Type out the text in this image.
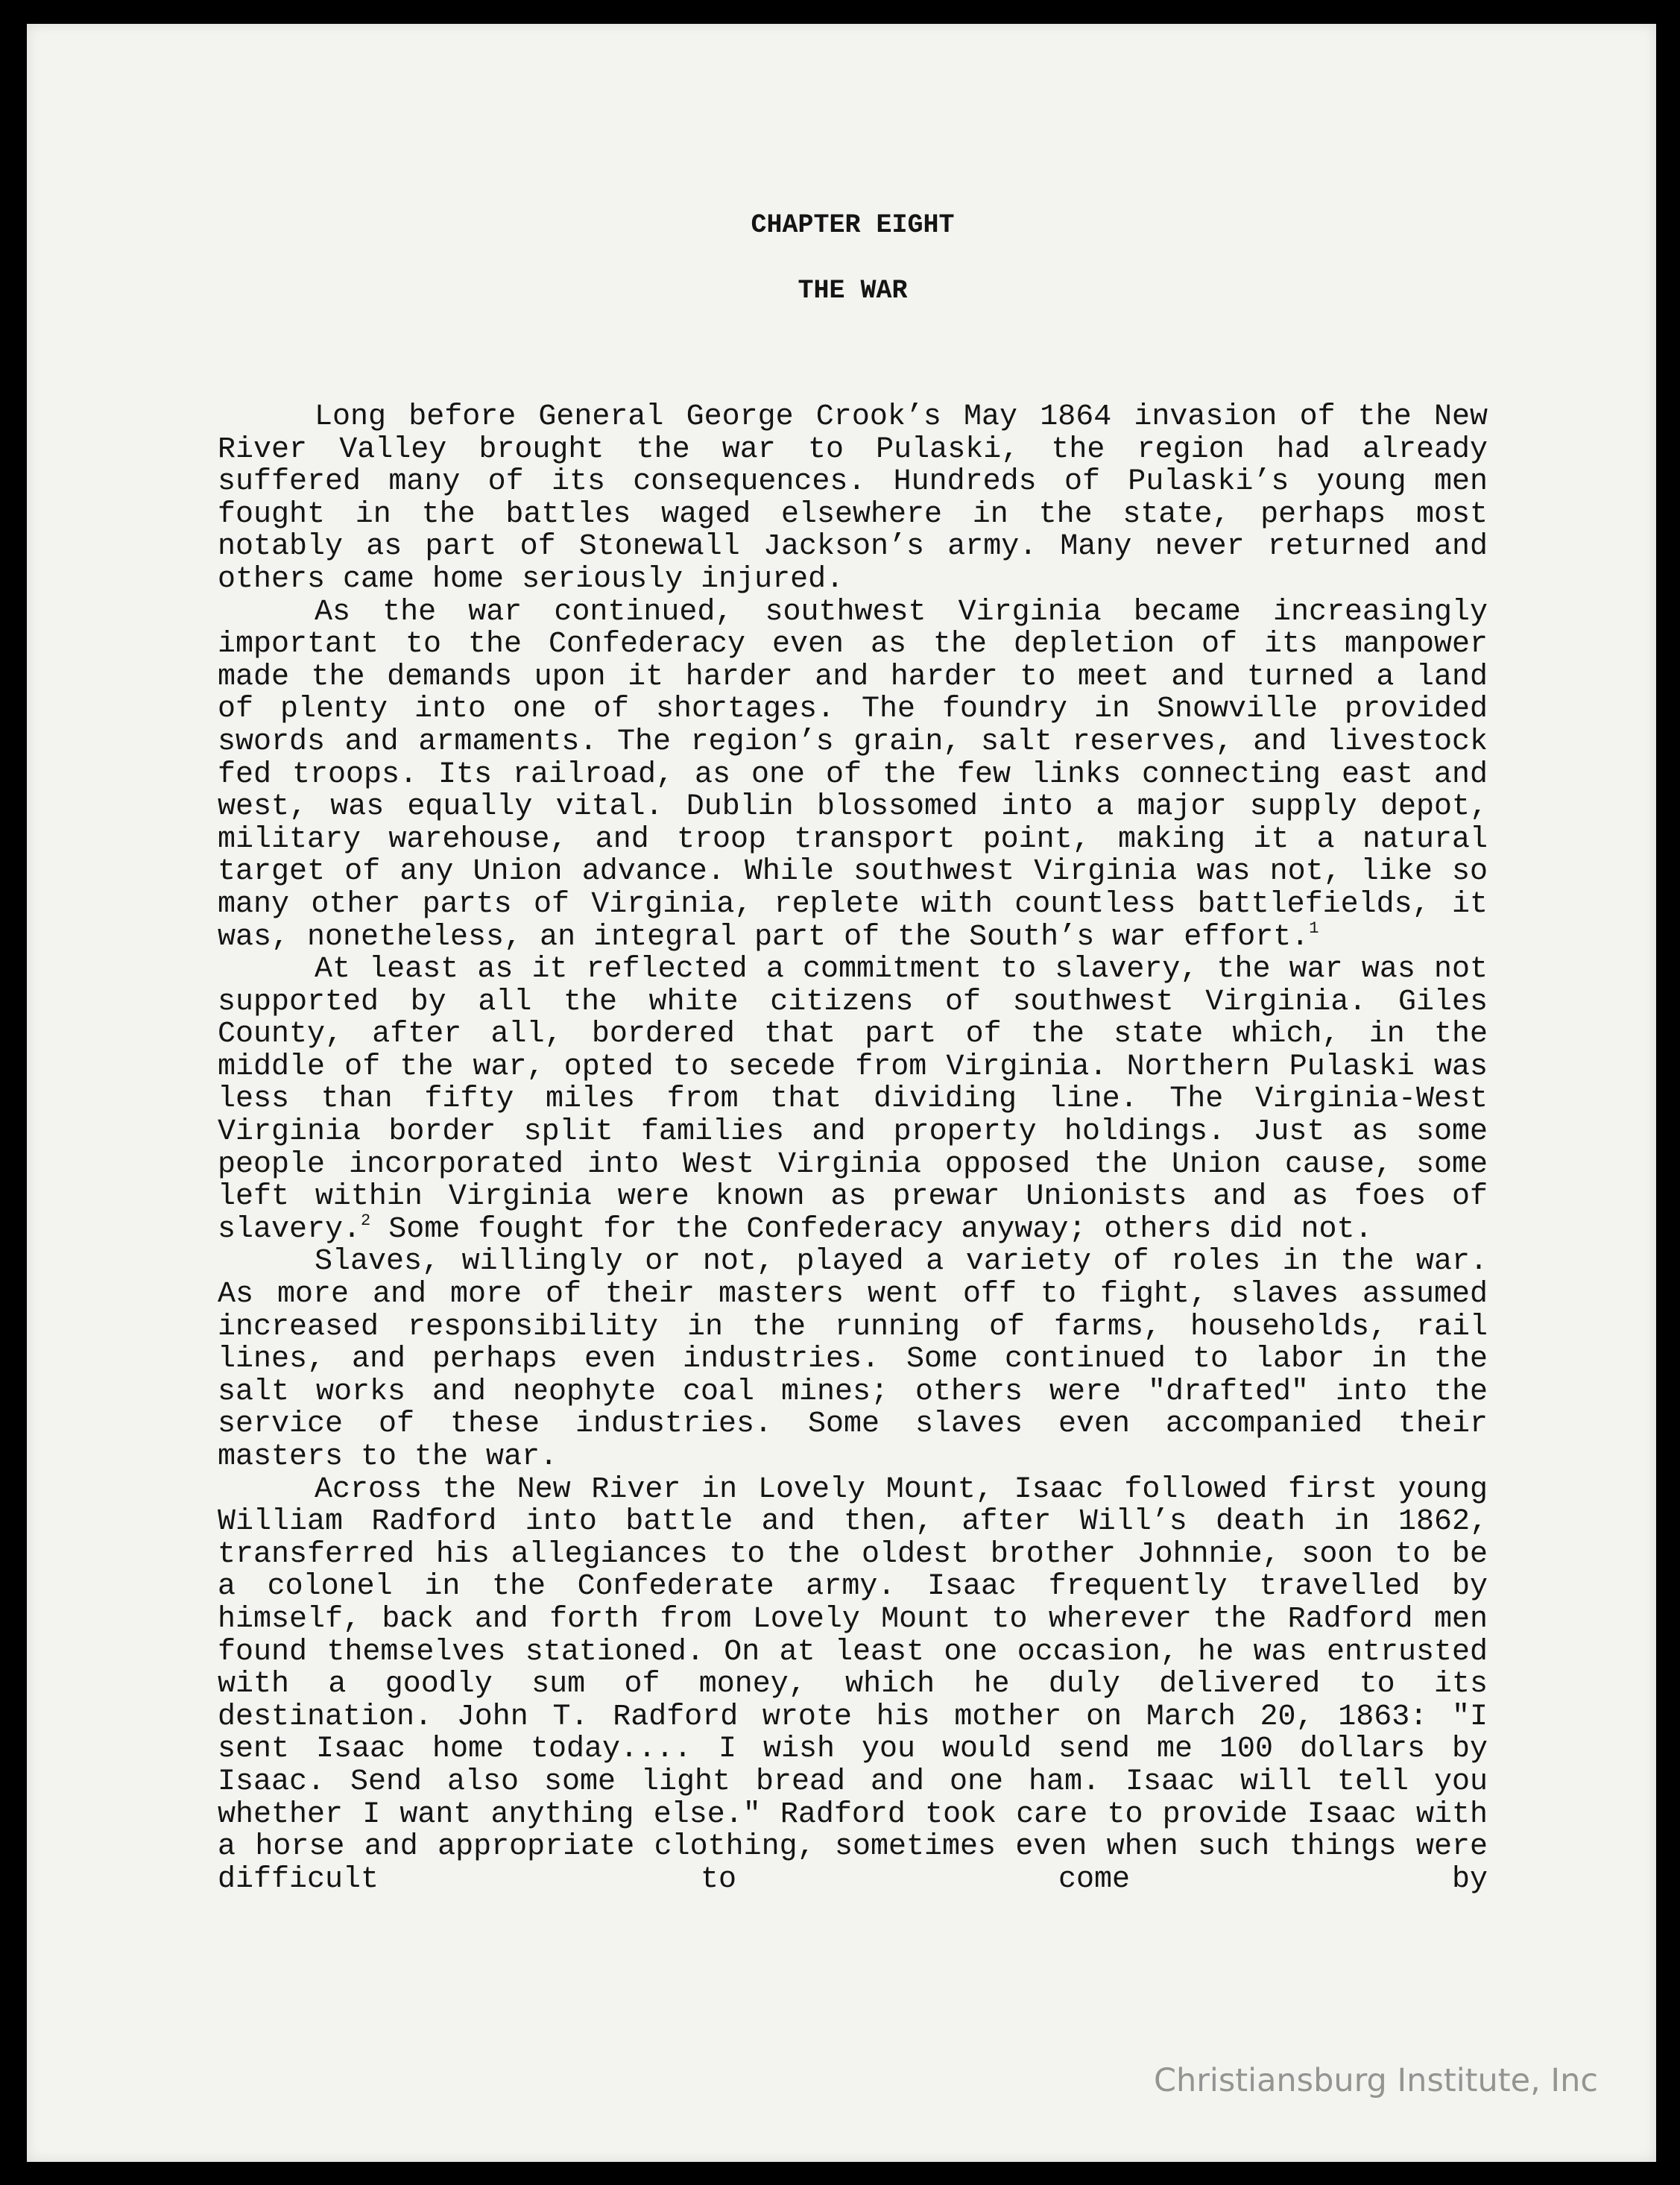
CHAPTER EIGHT

THE WAR

Long before General George Crook’s May 1864 invasion of the New River Valley brought the war to Pulaski, the region had already suffered many of its consequences. Hundreds of Pulaski’s young men fought in the battles waged elsewhere in the state, perhaps most notably as part of Stonewall Jackson’s army. Many never returned and others came home seriously injured.

As the war continued, southwest Virginia became increasingly important to the Confederacy even as the depletion of its manpower made the demands upon it harder and harder to meet and turned a land of plenty into one of shortages. The foundry in Snowville provided swords and armaments. The region’s grain, salt reserves, and livestock fed troops. Its railroad, as one of the few links connecting east and west, was equally vital. Dublin blossomed into a major supply depot, military warehouse, and troop transport point, making it a natural target of any Union advance. While southwest Virginia was not, like so many other parts of Virginia, replete with countless battlefields, it was, nonetheless, an integral part of the South’s war effort.$^1$

At least as it reflected a commitment to slavery, the war was not supported by all the white citizens of southwest Virginia. Giles County, after all, bordered that part of the state which, in the middle of the war, opted to secede from Virginia. Northern Pulaski was less than fifty miles from that dividing line. The Virginia-West Virginia border split families and property holdings. Just as some people incorporated into West Virginia opposed the Union cause, some left within Virginia were known as prewar Unionists and as foes of slavery.$^2$ Some fought for the Confederacy anyway; others did not.

Slaves, willingly or not, played a variety of roles in the war. As more and more of their masters went off to fight, slaves assumed increased responsibility in the running of farms, households, rail lines, and perhaps even industries. Some continued to labor in the salt works and neophyte coal mines; others were "drafted" into the service of these industries. Some slaves even accompanied their masters to the war.

Across the New River in Lovely Mount, Isaac followed first young William Radford into battle and then, after Will’s death in 1862, transferred his allegiances to the oldest brother Johnnie, soon to be a colonel in the Confederate army. Isaac frequently travelled by himself, back and forth from Lovely Mount to wherever the Radford men found themselves stationed. On at least one occasion, he was entrusted with a goodly sum of money, which he duly delivered to its destination. John T. Radford wrote his mother on March 20, 1863: "I sent Isaac home today.... I wish you would send me 100 dollars by Isaac. Send also some light bread and one ham. Isaac will tell you whether I want anything else." Radford took care to provide Isaac with a horse and appropriate clothing, sometimes even when such things were difficult to come by

Christiansburg Institute, Inc
